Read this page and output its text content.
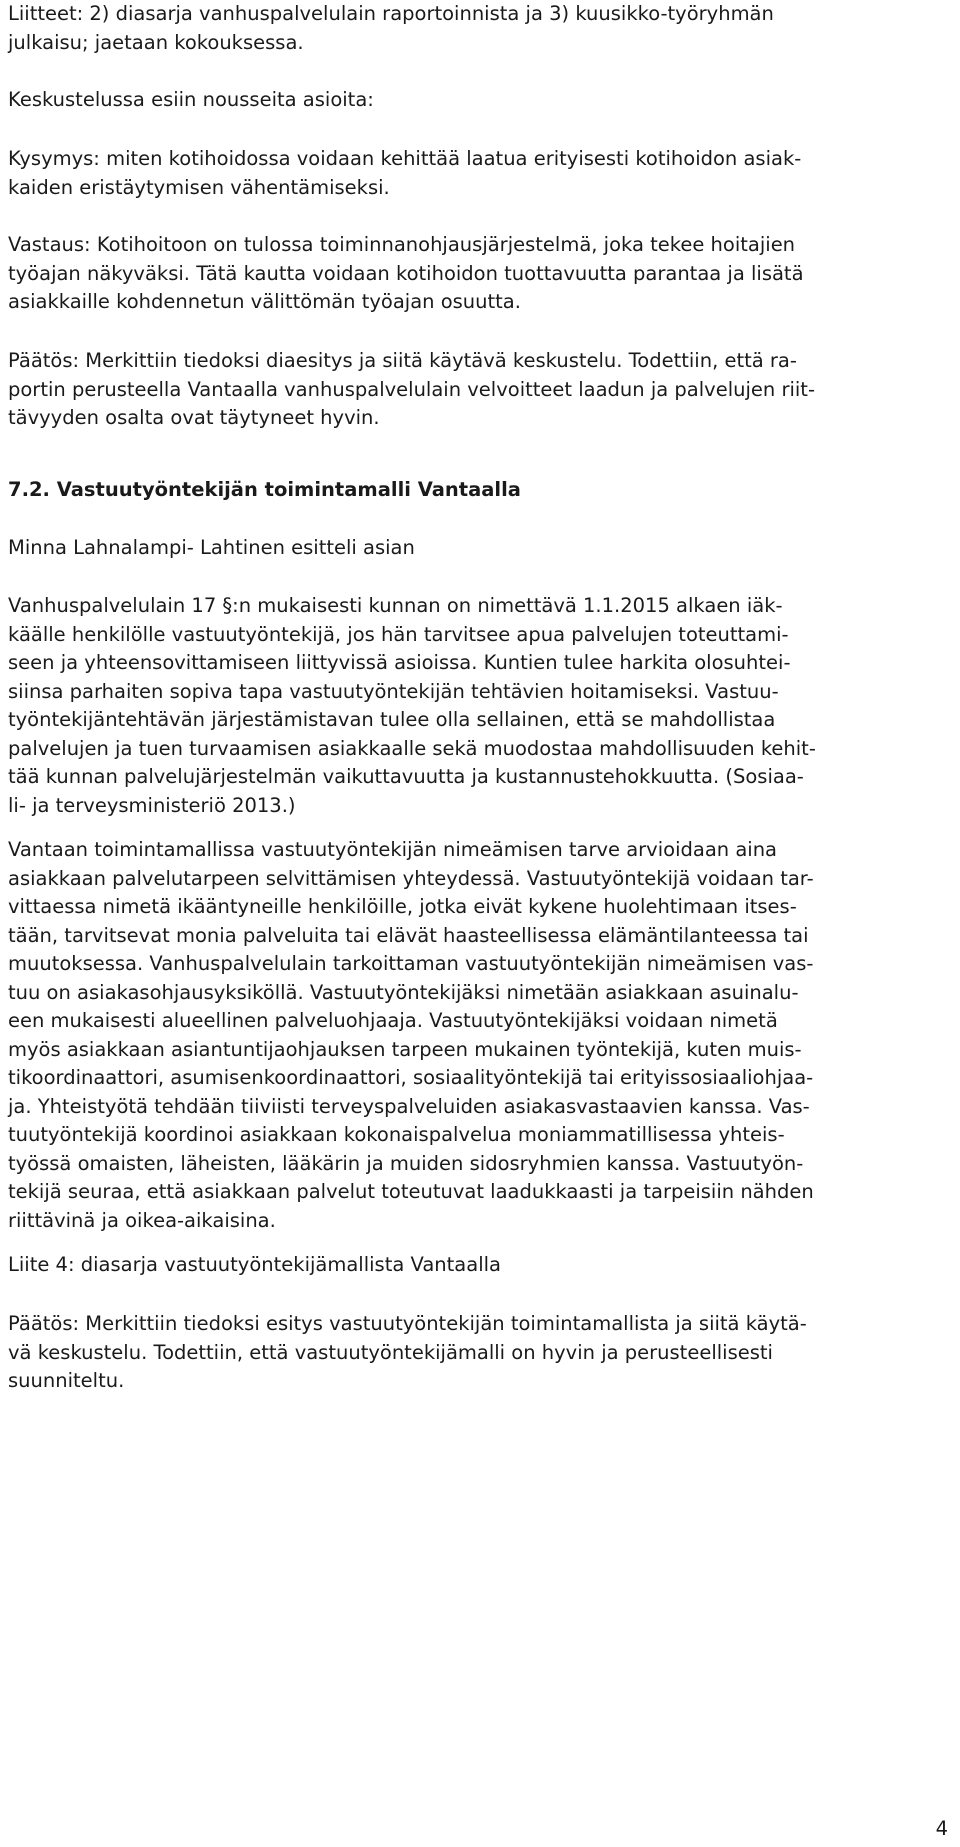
Liitteet: 2) diasarja vanhuspalvelulain raportoinnista ja 3) kuusikko-työryhmän
julkaisu; jaetaan kokouksessa.

Keskustelussa esiin nousseita asioita:

Kysymys: miten kotihoidossa voidaan kehittää laatua erityisesti kotihoidon asiak-
kaiden eristäytymisen vähentämiseksi.

Vastaus: Kotihoitoon on tulossa toiminnanohjausjärjestelmä, joka tekee hoitajien
työajan näkyväksi. Tätä kautta voidaan kotihoidon tuottavuutta parantaa ja lisätä
asiakkaille kohdennetun välittömän työajan osuutta.

Päätös: Merkittiin tiedoksi diaesitys ja siitä käytävä keskustelu. Todettiin, että ra-
portin perusteella Vantaalla vanhuspalvelulain velvoitteet laadun ja palvelujen riit-
tävyyden osalta ovat täytyneet hyvin.

7.2. Vastuutyöntekijän toimintamalli Vantaalla

Minna Lahnalampi- Lahtinen esitteli asian

Vanhuspalvelulain 17 §:n mukaisesti kunnan on nimettävä 1.1.2015 alkaen iäk-
käälle henkilölle vastuutyöntekijä, jos hän tarvitsee apua palvelujen toteuttami-
seen ja yhteensovittamiseen liittyvissä asioissa. Kuntien tulee harkita olosuhtei-
siinsa parhaiten sopiva tapa vastuutyöntekijän tehtävien hoitamiseksi. Vastuu-
työntekijäntehtävän järjestämistavan tulee olla sellainen, että se mahdollistaa
palvelujen ja tuen turvaamisen asiakkaalle sekä muodostaa mahdollisuuden kehit-
tää kunnan palvelujärjestelmän vaikuttavuutta ja kustannustehokkuutta. (Sosiaa-
li- ja terveysministeriö 2013.)

Vantaan toimintamallissa vastuutyöntekijän nimeämisen tarve arvioidaan aina
asiakkaan palvelutarpeen selvittämisen yhteydessä. Vastuutyöntekijä voidaan tar-
vittaessa nimetä ikääntyneille henkilöille, jotka eivät kykene huolehtimaan itses-
tään, tarvitsevat monia palveluita tai elävät haasteellisessa elämäntilanteessa tai
muutoksessa. Vanhuspalvelulain tarkoittaman vastuutyöntekijän nimeämisen vas-
tuu on asiakasohjausyksiköllä. Vastuutyöntekijäksi nimetään asiakkaan asuinalu-
een mukaisesti alueellinen palveluohjaaja. Vastuutyöntekijäksi voidaan nimetä
myös asiakkaan asiantuntijaohjauksen tarpeen mukainen työntekijä, kuten muis-
tikoordinaattori, asumisenkoordinaattori, sosiaalityöntekijä tai erityissosiaaliohjaa-
ja. Yhteistyötä tehdään tiiviisti terveyspalveluiden asiakasvastaavien kanssa. Vas-
tuutyöntekijä koordinoi asiakkaan kokonaispalvelua moniammatillisessa yhteis-
työssä omaisten, läheisten, lääkärin ja muiden sidosryhmien kanssa. Vastuutyön-
tekijä seuraa, että asiakkaan palvelut toteutuvat laadukkaasti ja tarpeisiin nähden
riittävinä ja oikea-aikaisina.

Liite 4: diasarja vastuutyöntekijämallista Vantaalla

Päätös: Merkittiin tiedoksi esitys vastuutyöntekijän toimintamallista ja siitä käytä-
vä keskustelu. Todettiin, että vastuutyöntekijämalli on hyvin ja perusteellisesti
suunniteltu.

4
